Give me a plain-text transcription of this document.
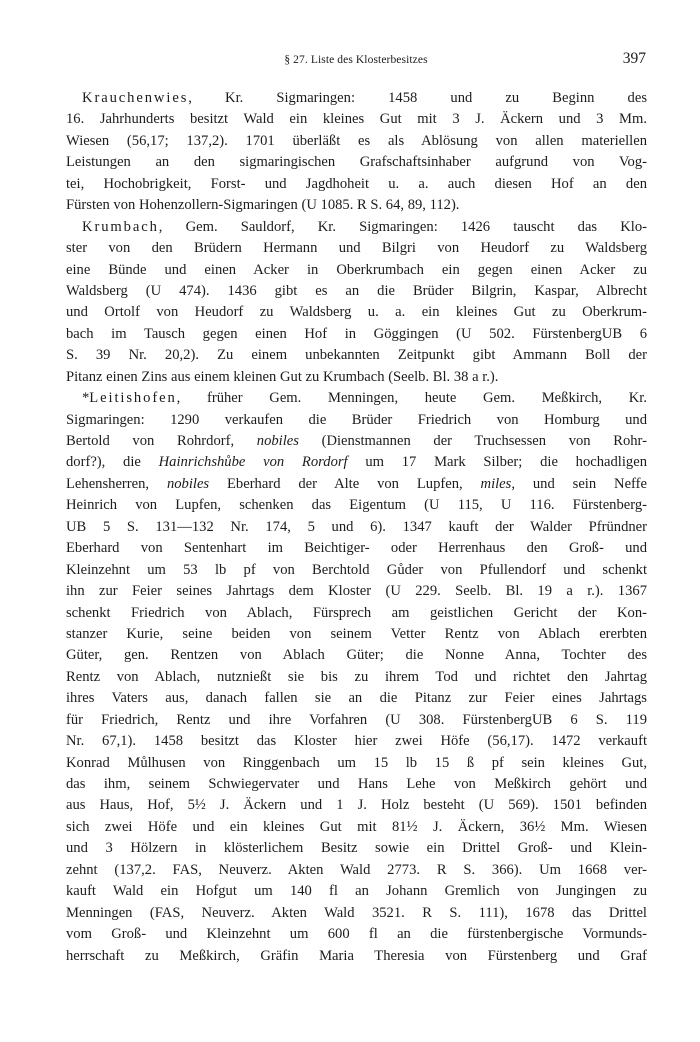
§ 27. Liste des Klosterbesitzes	397
Krauchenwies, Kr. Sigmaringen: 1458 und zu Beginn des
16. Jahrhunderts besitzt Wald ein kleines Gut mit 3 J. Äckern und 3 Mm.
Wiesen (56,17; 137,2). 1701 überläßt es als Ablösung von allen materiellen
Leistungen an den sigmaringischen Grafschaftsinhaber aufgrund von Vog-
tei, Hochobrigkeit, Forst- und Jagdhoheit u. a. auch diesen Hof an den
Fürsten von Hohenzollern-Sigmaringen (U 1085. R S. 64, 89, 112).
Krumbach, Gem. Sauldorf, Kr. Sigmaringen: 1426 tauscht das Klo-
ster von den Brüdern Hermann und Bilgri von Heudorf zu Waldsberg
eine Bünde und einen Acker in Oberkrumbach ein gegen einen Acker zu
Waldsberg (U 474). 1436 gibt es an die Brüder Bilgrin, Kaspar, Albrecht
und Ortolf von Heudorf zu Waldsberg u. a. ein kleines Gut zu Oberkrum-
bach im Tausch gegen einen Hof in Göggingen (U 502. FürstenbergUB 6
S. 39 Nr. 20,2). Zu einem unbekannten Zeitpunkt gibt Ammann Boll der
Pitanz einen Zins aus einem kleinen Gut zu Krumbach (Seelb. Bl. 38 a r.).
*Leitishofen, früher Gem. Menningen, heute Gem. Meßkirch, Kr.
Sigmaringen: 1290 verkaufen die Brüder Friedrich von Homburg und
Bertold von Rohrdorf, nobiles (Dienstmannen der Truchsessen von Rohr-
dorf?), die Hainrichshůbe von Rordorf um 17 Mark Silber; die hochadligen
Lehensherren, nobiles Eberhard der Alte von Lupfen, miles, und sein Neffe
Heinrich von Lupfen, schenken das Eigentum (U 115, U 116. Fürstenberg-
UB 5 S. 131—132 Nr. 174, 5 und 6). 1347 kauft der Walder Pfründner
Eberhard von Sentenhart im Beichtiger- oder Herrenhaus den Groß- und
Kleinzehnt um 53 lb pf von Berchtold Gůder von Pfullendorf und schenkt
ihn zur Feier seines Jahrtags dem Kloster (U 229. Seelb. Bl. 19 a r.). 1367
schenkt Friedrich von Ablach, Fürsprech am geistlichen Gericht der Kon-
stanzer Kurie, seine beiden von seinem Vetter Rentz von Ablach ererbten
Güter, gen. Rentzen von Ablach Güter; die Nonne Anna, Tochter des
Rentz von Ablach, nutznießt sie bis zu ihrem Tod und richtet den Jahrtag
ihres Vaters aus, danach fallen sie an die Pitanz zur Feier eines Jahrtags
für Friedrich, Rentz und ihre Vorfahren (U 308. FürstenbergUB 6 S. 119
Nr. 67,1). 1458 besitzt das Kloster hier zwei Höfe (56,17). 1472 verkauft
Konrad Můlhusen von Ringgenbach um 15 lb 15 ß pf sein kleines Gut,
das ihm, seinem Schwiegervater und Hans Lehe von Meßkirch gehört und
aus Haus, Hof, 5½ J. Äckern und 1 J. Holz besteht (U 569). 1501 befinden
sich zwei Höfe und ein kleines Gut mit 81½ J. Äckern, 36½ Mm. Wiesen
und 3 Hölzern in klösterlichem Besitz sowie ein Drittel Groß- und Klein-
zehnt (137,2. FAS, Neuverz. Akten Wald 2773. R S. 366). Um 1668 ver-
kauft Wald ein Hofgut um 140 fl an Johann Gremlich von Jungingen zu
Menningen (FAS, Neuverz. Akten Wald 3521. R S. 111), 1678 das Drittel
vom Groß- und Kleinzehnt um 600 fl an die fürstenbergische Vormunds-
herrschaft zu Meßkirch, Gräfin Maria Theresia von Fürstenberg und Graf
